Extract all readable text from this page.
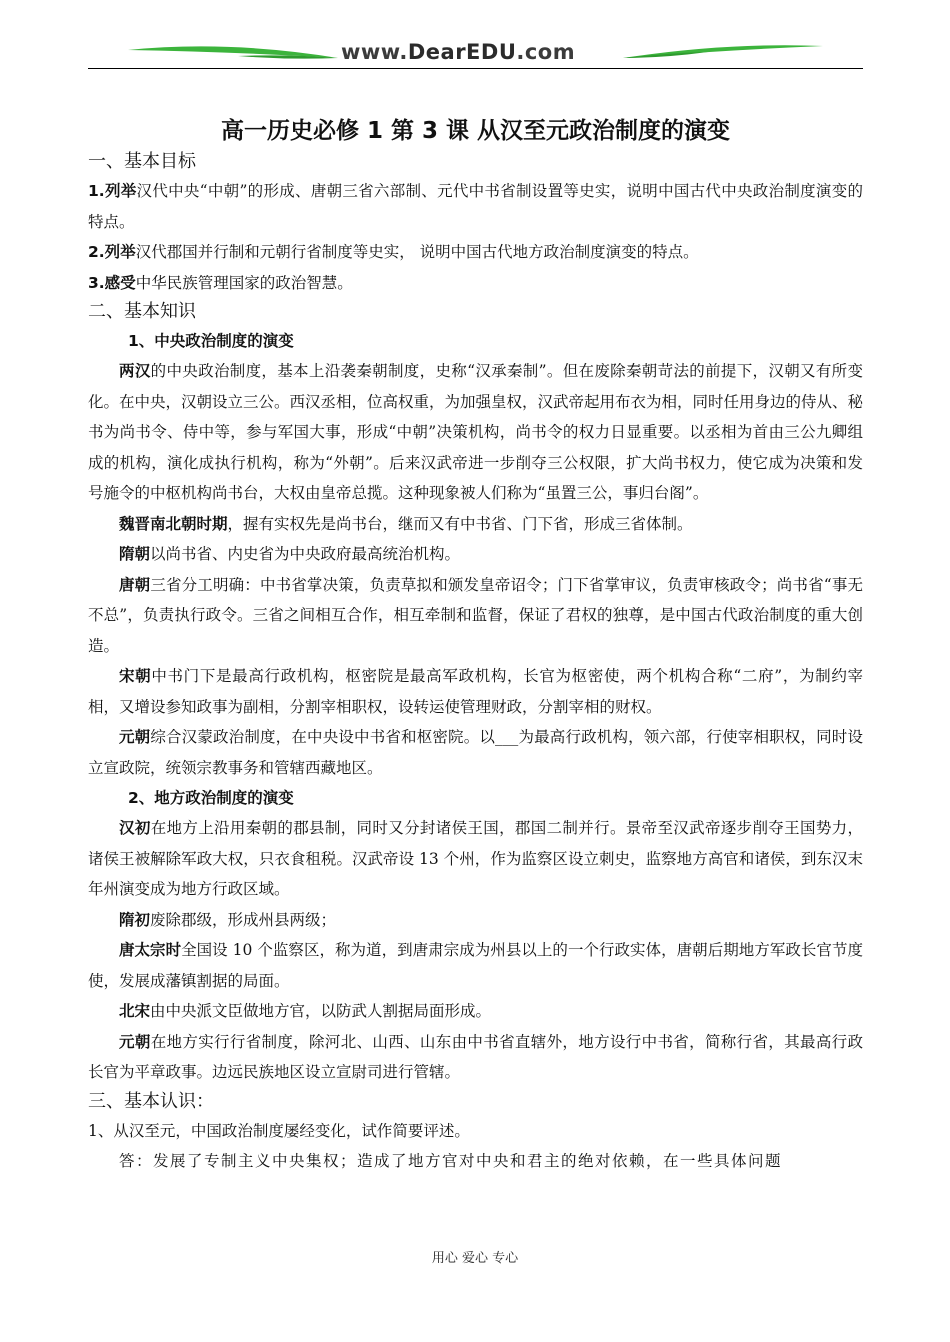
www.DearEDU.com
高一历史必修 1 第 3 课 从汉至元政治制度的演变
一、基本目标

1.列举汉代中央“中朝”的形成、唐朝三省六部制、元代中书省制设置等史实，说明中国古代中央政治制度演变的特点。

2.列举汉代郡国并行制和元朝行省制度等史实， 说明中国古代地方政治制度演变的特点。

3.感受中华民族管理国家的政治智慧。

二、基本知识
1、中央政治制度的演变

两汉的中央政治制度，基本上沿袭秦朝制度，史称“汉承秦制”。但在废除秦朝苛法的前提下，汉朝又有所变化。在中央，汉朝设立三公。西汉丞相，位高权重，为加强皇权，汉武帝起用布衣为相，同时任用身边的侍从、秘书为尚书令、侍中等，参与军国大事，形成“中朝”决策机构，尚书令的权力日显重要。以丞相为首由三公九卿组成的机构，演化成执行机构，称为“外朝”。后来汉武帝进一步削夺三公权限，扩大尚书权力，使它成为决策和发号施令的中枢机构尚书台，大权由皇帝总揽。这种现象被人们称为“虽置三公，事归台阁”。

魏晋南北朝时期，握有实权先是尚书台，继而又有中书省、门下省，形成三省体制。

隋朝以尚书省、内史省为中央政府最高统治机构。

唐朝三省分工明确：中书省掌决策，负责草拟和颁发皇帝诏令；门下省掌审议，负责审核政令；尚书省“事无不总”，负责执行政令。三省之间相互合作，相互牵制和监督，保证了君权的独尊，是中国古代政治制度的重大创造。

宋朝中书门下是最高行政机构，枢密院是最高军政机构，长官为枢密使，两个机构合称“二府”，为制约宰相，又增设参知政事为副相，分割宰相职权，设转运使管理财政，分割宰相的财权。

元朝综合汉蒙政治制度，在中央设中书省和枢密院。以___为最高行政机构，领六部，行使宰相职权，同时设立宣政院，统领宗教事务和管辖西藏地区。

2、地方政治制度的演变

汉初在地方上沿用秦朝的郡县制，同时又分封诸侯王国，郡国二制并行。景帝至汉武帝逐步削夺王国势力，诸侯王被解除军政大权，只衣食租税。汉武帝设 13 个州，作为监察区设立刺史，监察地方高官和诸侯，到东汉末年州演变成为地方行政区域。

隋初废除郡级，形成州县两级；

唐太宗时全国设 10 个监察区，称为道，到唐肃宗成为州县以上的一个行政实体，唐朝后期地方军政长官节度使，发展成藩镇割据的局面。

北宋由中央派文臣做地方官，以防武人割据局面形成。

元朝在地方实行行省制度，除河北、山西、山东由中书省直辖外，地方设行中书省，简称行省，其最高行政长官为平章政事。边远民族地区设立宣尉司进行管辖。

三、基本认识：

1、从汉至元，中国政治制度屡经变化，试作简要评述。

答：发展了专制主义中央集权；造成了地方官对中央和君主的绝对依赖，在一些具体问题

用心 爱心 专心
